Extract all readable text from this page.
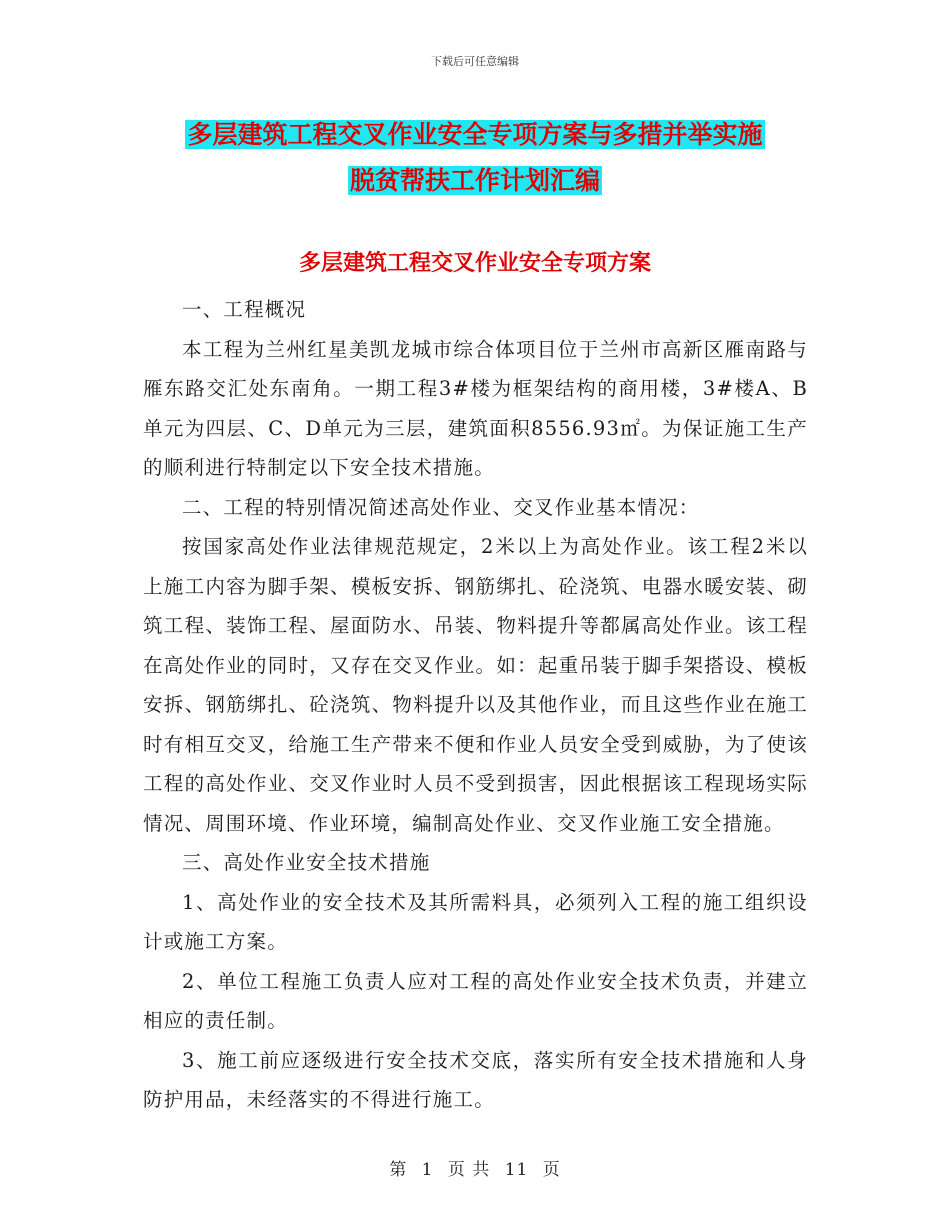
下载后可任意编辑
多层建筑工程交叉作业安全专项方案与多措并举实施
脱贫帮扶工作计划汇编
多层建筑工程交叉作业安全专项方案

一、工程概况

本工程为兰州红星美凯龙城市综合体项目位于兰州市高新区雁南路与雁东路交汇处东南角。一期工程3#楼为框架结构的商用楼，3#楼A、B单元为四层、C、D单元为三层，建筑面积8556.93㎡。为保证施工生产的顺利进行特制定以下安全技术措施。

二、工程的特别情况简述高处作业、交叉作业基本情况：

按国家高处作业法律规范规定，2米以上为高处作业。该工程2米以上施工内容为脚手架、模板安拆、钢筋绑扎、砼浇筑、电器水暖安装、砌筑工程、装饰工程、屋面防水、吊装、物料提升等都属高处作业。该工程在高处作业的同时，又存在交叉作业。如：起重吊装于脚手架搭设、模板安拆、钢筋绑扎、砼浇筑、物料提升以及其他作业，而且这些作业在施工时有相互交叉，给施工生产带来不便和作业人员安全受到威胁，为了使该工程的高处作业、交叉作业时人员不受到损害，因此根据该工程现场实际情况、周围环境、作业环境，编制高处作业、交叉作业施工安全措施。

三、高处作业安全技术措施

1、高处作业的安全技术及其所需料具，必须列入工程的施工组织设计或施工方案。

2、单位工程施工负责人应对工程的高处作业安全技术负责，并建立相应的责任制。

3、施工前应逐级进行安全技术交底，落实所有安全技术措施和人身防护用品，未经落实的不得进行施工。

第 1 页 共 11 页
